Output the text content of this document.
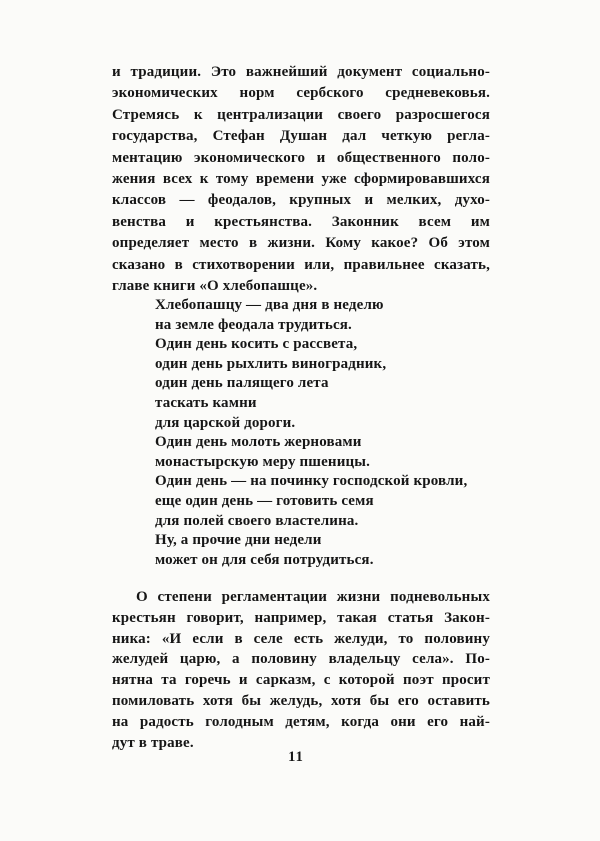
и традиции. Это важнейший документ социально-
экономических норм сербского средневековья.
Стремясь к централизации своего разросшегося
государства, Стефан Душан дал четкую регла-
ментацию экономического и общественного поло-
жения всех к тому времени уже сформировавшихся
классов — феодалов, крупных и мелких, духо-
венства и крестьянства. Законник всем им
определяет место в жизни. Кому какое? Об этом
сказано в стихотворении или, правильнее сказать,
главе книги «О хлебопашце».
Хлебопашцу — два дня в неделю
на земле феодала трудиться.
Один день косить с рассвета,
один день рыхлить виноградник,
один день палящего лета
таскать камни
для царской дороги.
Один день молоть жерновами
монастырскую меру пшеницы.
Один день — на починку господской кровли,
еще один день — готовить семя
для полей своего властелина.
Ну, а прочие дни недели
может он для себя потрудиться.
О степени регламентации жизни подневольных
крестьян говорит, например, такая статья Закон-
ника: «И если в селе есть желуди, то половину
желудей царю, а половину владельцу села». По-
нятна та горечь и сарказм, с которой поэт просит
помиловать хотя бы желудь, хотя бы его оставить
на радость голодным детям, когда они его най-
дут в траве.
11
